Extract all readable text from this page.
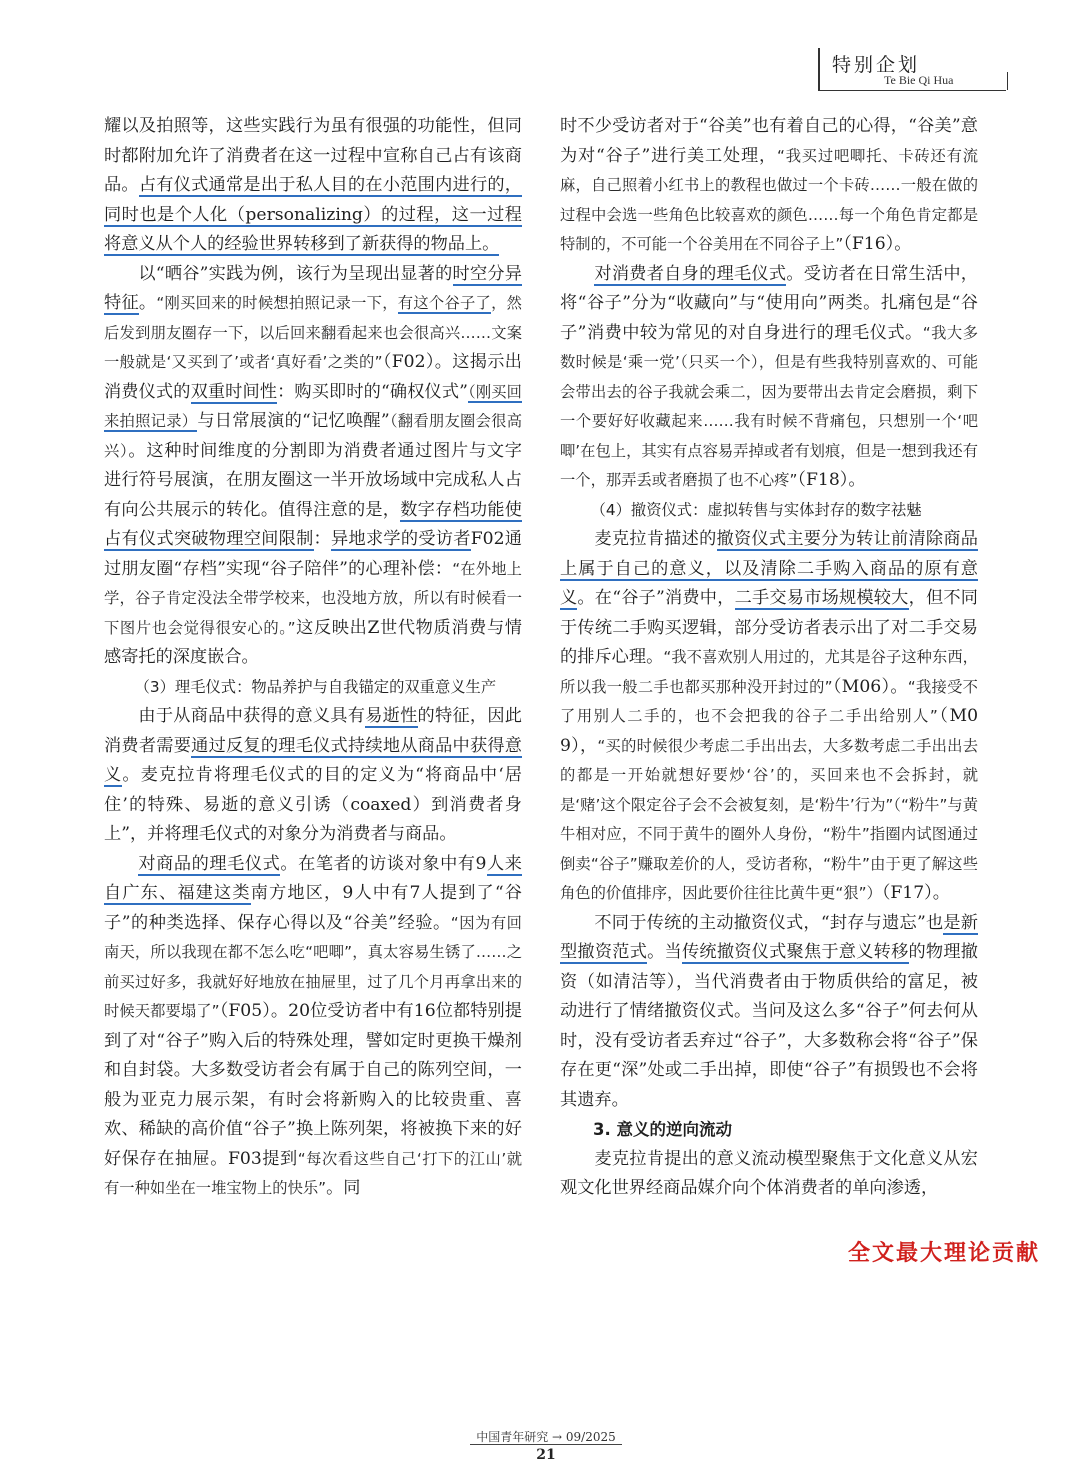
特别企划
Te Bie Qi Hua

耀以及拍照等，这些实践行为虽有很强的功能性，但同时都附加允许了消费者在这一过程中宣称自己占有该商品。占有仪式通常是出于私人目的在小范围内进行的，同时也是个人化（personalizing）的过程，这一过程将意义从个人的经验世界转移到了新获得的物品上。

以“晒谷”实践为例，该行为呈现出显著的时空分异特征。“刚买回来的时候想拍照记录一下，有这个谷子了，然后发到朋友圈存一下，以后回来翻看起来也会很高兴……文案一般就是‘又买到了’或者‘真好看’之类的”（F02）。这揭示出消费仪式的双重时间性：购买即时的“确权仪式”（刚买回来拍照记录）与日常展演的“记忆唤醒”（翻看朋友圈会很高兴）。这种时间维度的分割即为消费者通过图片与文字进行符号展演，在朋友圈这一半开放场域中完成私人占有向公共展示的转化。值得注意的是，数字存档功能使占有仪式突破物理空间限制：异地求学的受访者F02通过朋友圈“存档”实现“谷子陪伴”的心理补偿：“在外地上学，谷子肯定没法全带学校来，也没地方放，所以有时候看一下图片也会觉得很安心的。”这反映出Z世代物质消费与情感寄托的深度嵌合。

（3）理毛仪式：物品养护与自我锚定的双重意义生产

由于从商品中获得的意义具有易逝性的特征，因此消费者需要通过反复的理毛仪式持续地从商品中获得意义。麦克拉肯将理毛仪式的目的定义为“将商品中‘居住’的特殊、易逝的意义引诱（coaxed）到消费者身上”，并将理毛仪式的对象分为消费者与商品。

对商品的理毛仪式。在笔者的访谈对象中有9人来自广东、福建这类南方地区，9人中有7人提到了“谷子”的种类选择、保存心得以及“谷美”经验。“因为有回南天，所以我现在都不怎么吃“吧唧”，真太容易生锈了……之前买过好多，我就好好地放在抽屉里，过了几个月再拿出来的时候天都要塌了”（F05）。20位受访者中有16位都特别提到了对“谷子”购入后的特殊处理，譬如定时更换干燥剂和自封袋。大多数受访者会有属于自己的陈列空间，一般为亚克力展示架，有时会将新购入的比较贵重、喜欢、稀缺的高价值“谷子”换上陈列架，将被换下来的好好保存在抽屉。F03提到“每次看这些自己‘打下的江山’就有一种如坐在一堆宝物上的快乐”。同

时不少受访者对于“谷美”也有着自己的心得，“谷美”意为对“谷子”进行美工处理，“我买过吧唧托、卡砖还有流麻，自己照着小红书上的教程也做过一个卡砖……一般在做的过程中会选一些角色比较喜欢的颜色……每一个角色肯定都是特制的，不可能一个谷美用在不同谷子上”（F16）。

对消费者自身的理毛仪式。受访者在日常生活中，将“谷子”分为“收藏向”与“使用向”两类。扎痛包是“谷子”消费中较为常见的对自身进行的理毛仪式。“我大多数时候是‘乘一党’（只买一个），但是有些我特别喜欢的、可能会带出去的谷子我就会乘二，因为要带出去肯定会磨损，剩下一个要好好收藏起来……我有时候不背痛包，只想别一个‘吧唧’在包上，其实有点容易弄掉或者有划痕，但是一想到我还有一个，那弄丢或者磨损了也不心疼”（F18）。

（4）撤资仪式：虚拟转售与实体封存的数字祛魅

麦克拉肯描述的撤资仪式主要分为转让前清除商品上属于自己的意义，以及清除二手购入商品的原有意义。在“谷子”消费中，二手交易市场规模较大，但不同于传统二手购买逻辑，部分受访者表示出了对二手交易的排斥心理。“我不喜欢别人用过的，尤其是谷子这种东西，所以我一般二手也都买那种没开封过的”（M06）。“我接受不了用别人二手的，也不会把我的谷子二手出给别人”（M09），“买的时候很少考虑二手出出去，大多数考虑二手出出去的都是一开始就想好要炒‘谷’的，买回来也不会拆封，就是‘赌’这个限定谷子会不会被复刻，是‘粉牛’行为”（“粉牛”与黄牛相对应，不同于黄牛的圈外人身份，“粉牛”指圈内试图通过倒卖“谷子”赚取差价的人，受访者称，“粉牛”由于更了解这些角色的价值排序，因此要价往往比黄牛更“狠”）（F17）。

不同于传统的主动撤资仪式，“封存与遗忘”也是新型撤资范式。当传统撤资仪式聚焦于意义转移的物理撤资（如清洁等），当代消费者由于物质供给的富足，被动进行了情绪撤资仪式。当问及这么多“谷子”何去何从时，没有受访者丢弃过“谷子”，大多数称会将“谷子”保存在更“深”处或二手出掉，即使“谷子”有损毁也不会将其遗弃。

3. 意义的逆向流动

麦克拉肯提出的意义流动模型聚焦于文化意义从宏观文化世界经商品媒介向个体消费者的单向渗透，

全文最大理论贡献
中国青年研究 → 09/2025
21
